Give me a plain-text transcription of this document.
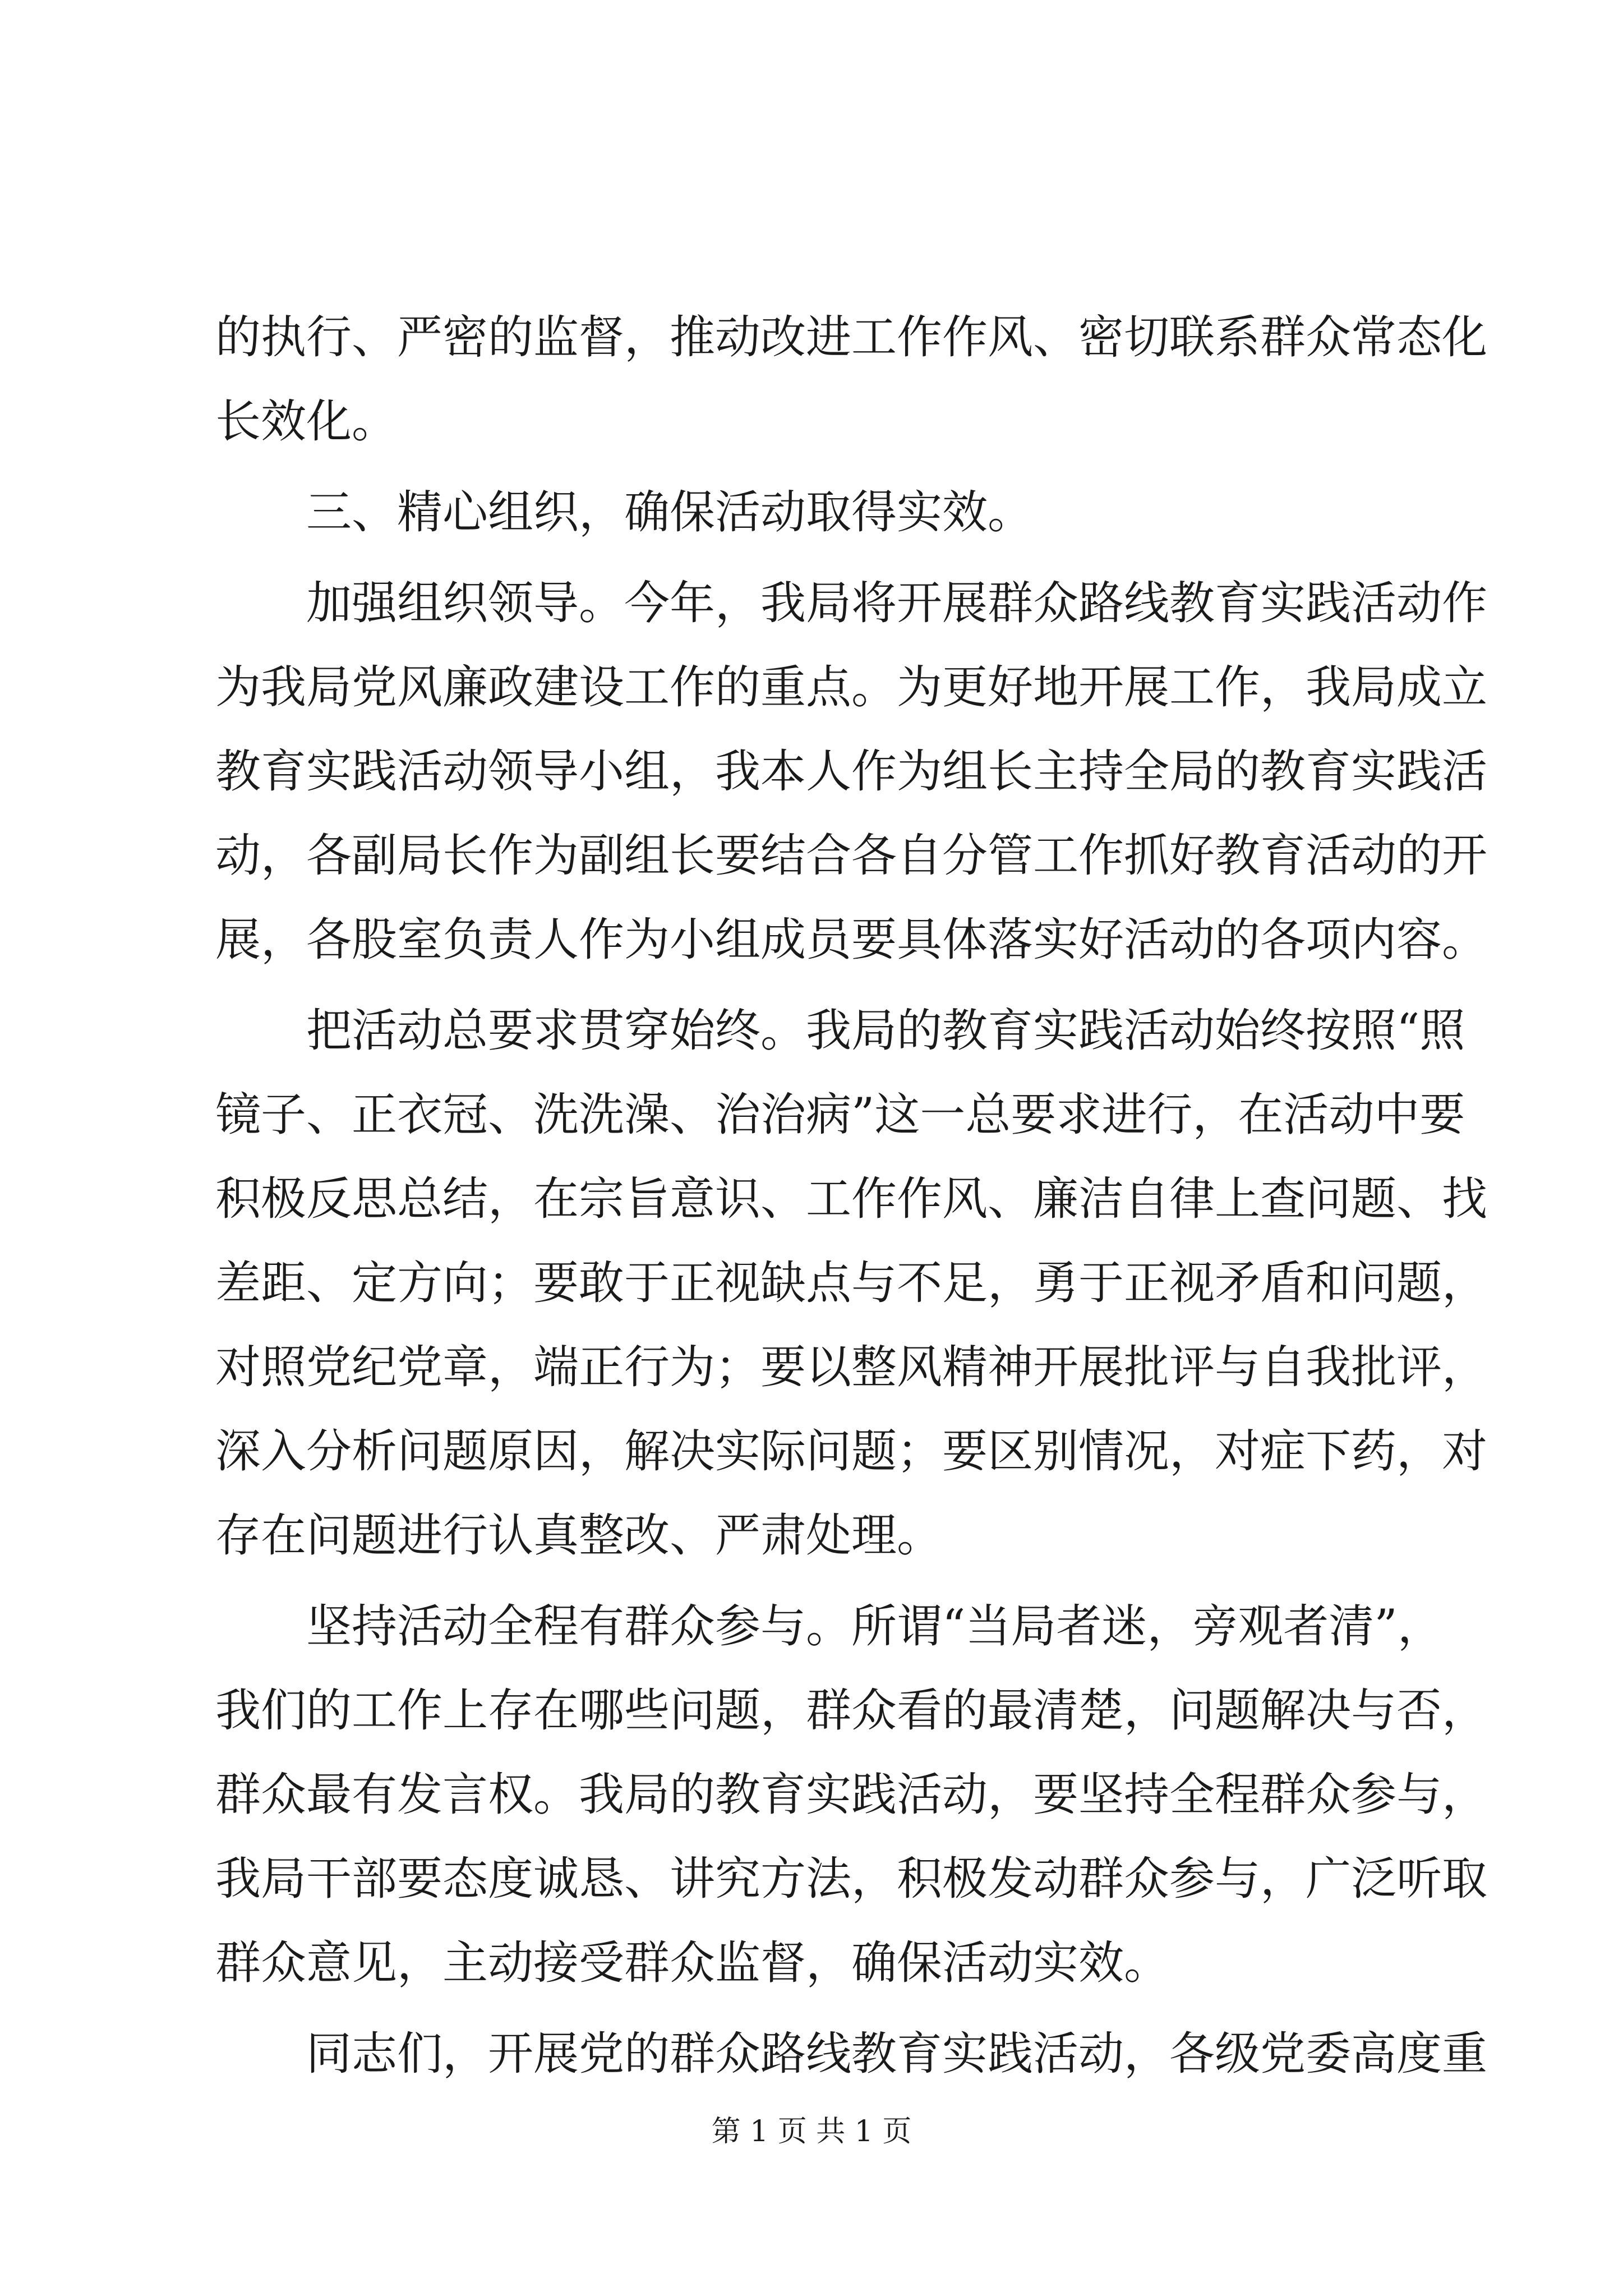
的执行、严密的监督，推动改进工作作风、密切联系群众常态化
长效化。
三、精心组织，确保活动取得实效。
加强组织领导。今年，我局将开展群众路线教育实践活动作
为我局党风廉政建设工作的重点。为更好地开展工作，我局成立
教育实践活动领导小组，我本人作为组长主持全局的教育实践活
动，各副局长作为副组长要结合各自分管工作抓好教育活动的开
展，各股室负责人作为小组成员要具体落实好活动的各项内容。
把活动总要求贯穿始终。我局的教育实践活动始终按照“照
镜子、正衣冠、洗洗澡、治治病”这一总要求进行，在活动中要
积极反思总结，在宗旨意识、工作作风、廉洁自律上查问题、找
差距、定方向；要敢于正视缺点与不足，勇于正视矛盾和问题，
对照党纪党章，端正行为；要以整风精神开展批评与自我批评，
深入分析问题原因，解决实际问题；要区别情况，对症下药，对
存在问题进行认真整改、严肃处理。
坚持活动全程有群众参与。所谓“当局者迷，旁观者清”，
我们的工作上存在哪些问题，群众看的最清楚，问题解决与否，
群众最有发言权。我局的教育实践活动，要坚持全程群众参与，
我局干部要态度诚恳、讲究方法，积极发动群众参与，广泛听取
群众意见，主动接受群众监督，确保活动实效。
同志们，开展党的群众路线教育实践活动，各级党委高度重
第 1 页 共 1 页
